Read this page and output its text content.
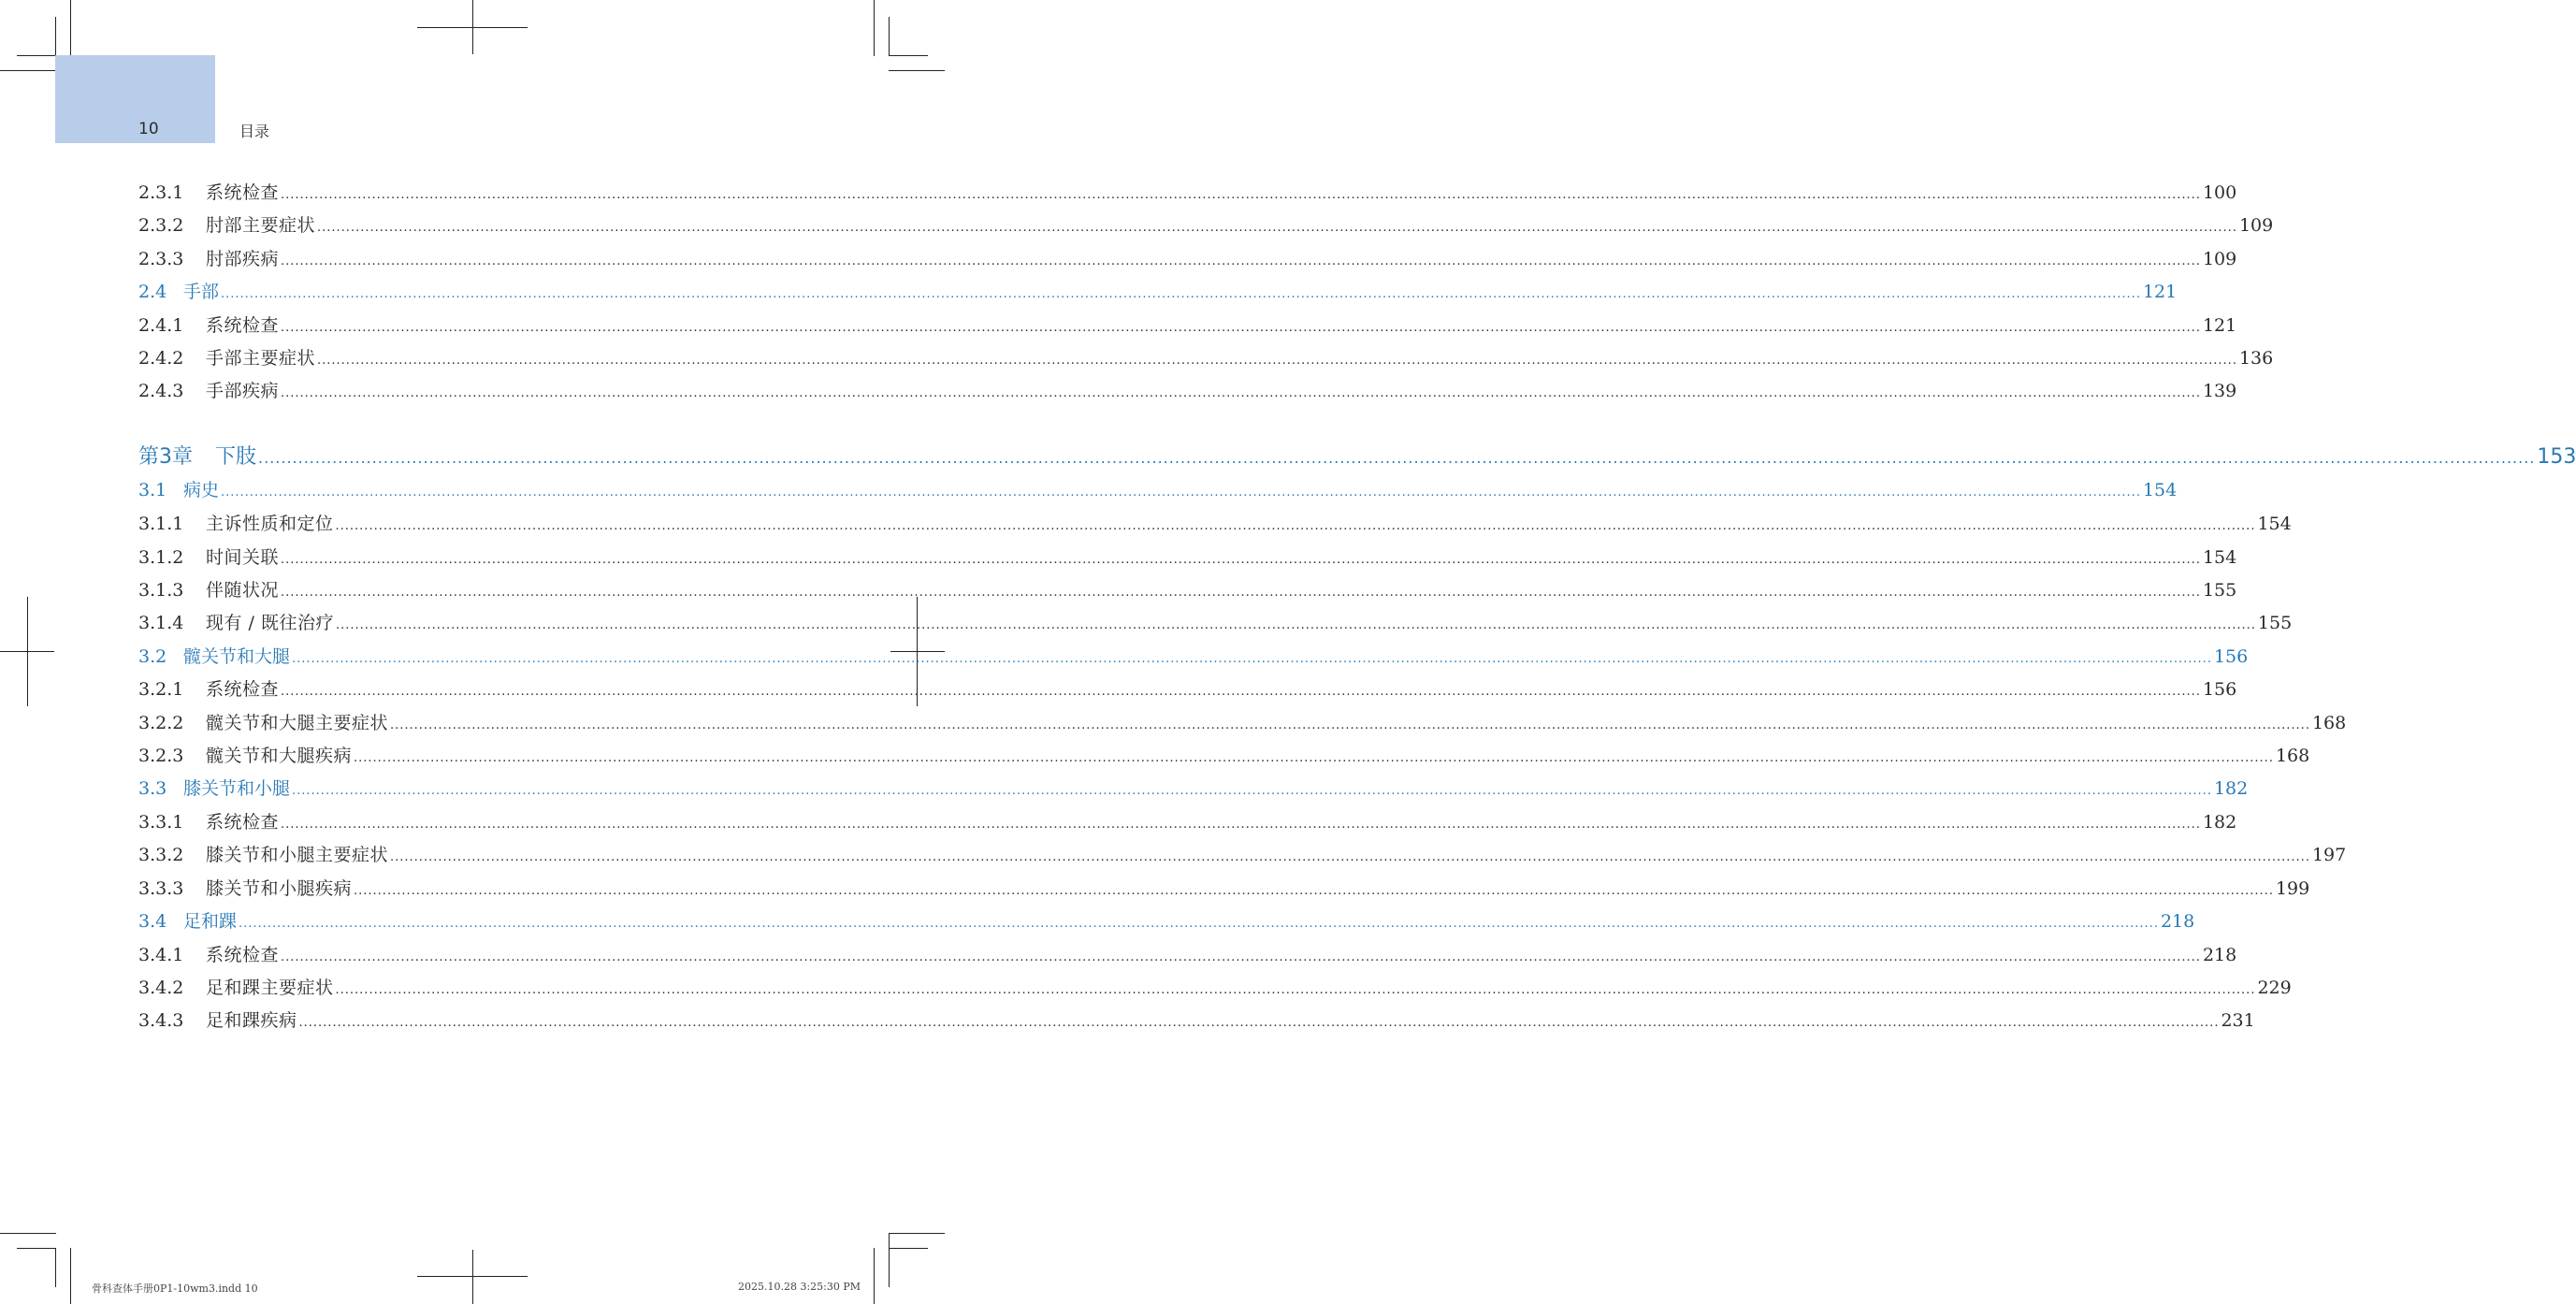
10	目录
2.3.1	系统检查 ................................................................................................................................................................................................................................................................................................................................................................................................................ 100
2.3.2	肘部主要症状 ................................................................................................................................................................................................................................................................................................................................................................................................................ 109
2.3.3	肘部疾病 ................................................................................................................................................................................................................................................................................................................................................................................................................ 109
2.4 手部 ................................................................................................................................................................................................................................................................................................................................................................................................................ 121
2.4.1	系统检查 ................................................................................................................................................................................................................................................................................................................................................................................................................ 121
2.4.2	手部主要症状 ................................................................................................................................................................................................................................................................................................................................................................................................................ 136
2.4.3	手部疾病 ................................................................................................................................................................................................................................................................................................................................................................................................................ 139
第3章	下肢 ................................................................................................................................................................................................................................................................................................................................................................................................................ 153
3.1 病史 ................................................................................................................................................................................................................................................................................................................................................................................................................ 154
3.1.1	主诉性质和定位 ................................................................................................................................................................................................................................................................................................................................................................................................................ 154
3.1.2	时间关联 ................................................................................................................................................................................................................................................................................................................................................................................................................ 154
3.1.3	伴随状况 ................................................................................................................................................................................................................................................................................................................................................................................................................ 155
3.1.4	现有 / 既往治疗 ................................................................................................................................................................................................................................................................................................................................................................................................................ 155
3.2 髋关节和大腿 ................................................................................................................................................................................................................................................................................................................................................................................................................ 156
3.2.1	系统检查 ................................................................................................................................................................................................................................................................................................................................................................................................................ 156
3.2.2	髋关节和大腿主要症状 ................................................................................................................................................................................................................................................................................................................................................................................................................ 168
3.2.3	髋关节和大腿疾病 ................................................................................................................................................................................................................................................................................................................................................................................................................ 168
3.3 膝关节和小腿 ................................................................................................................................................................................................................................................................................................................................................................................................................ 182
3.3.1	系统检查 ................................................................................................................................................................................................................................................................................................................................................................................................................ 182
3.3.2	膝关节和小腿主要症状 ................................................................................................................................................................................................................................................................................................................................................................................................................ 197
3.3.3	膝关节和小腿疾病 ................................................................................................................................................................................................................................................................................................................................................................................................................ 199
3.4 足和踝 ................................................................................................................................................................................................................................................................................................................................................................................................................ 218
3.4.1	系统检查 ................................................................................................................................................................................................................................................................................................................................................................................................................ 218
3.4.2	足和踝主要症状 ................................................................................................................................................................................................................................................................................................................................................................................................................ 229
3.4.3	足和踝疾病 ................................................................................................................................................................................................................................................................................................................................................................................................................ 231
骨科查体手册0P1-10wm3.indd 10	2025.10.28 3:25:30 PM
